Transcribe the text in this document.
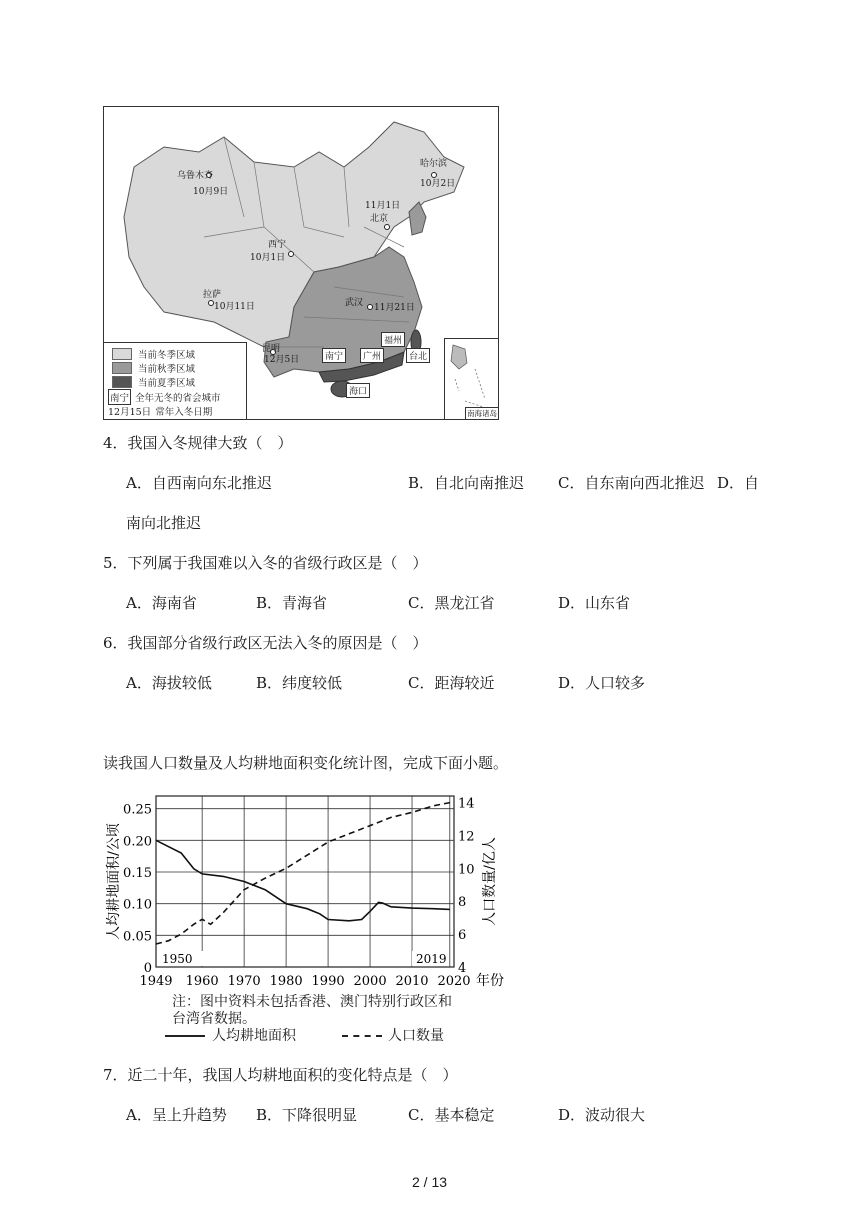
乌鲁木齐
10月9日
哈尔滨
10月2日
11月1日
北京
西宁
10月1日
拉萨
10月11日	武汉 11月21日
昆明
12月5日	南宁	广州
福州
台北
海口
南海诸岛
当前冬季区域
当前秋季区域
当前夏季区域
南宁 全年无冬的省会城市
12月15日 常年入冬日期
4．我国入冬规律大致（　）
A．自西南向东北推迟	B．自北向南推迟 C．自东南向西北推迟 D．自
南向北推迟
5．下列属于我国难以入冬的省级行政区是（　）
A．海南省	B．青海省	C．黑龙江省	D．山东省
6．我国部分省级行政区无法入冬的原因是（　）
A．海拔较低	B．纬度较低	C．距海较近	D．人口较多
读我国人口数量及人均耕地面积变化统计图，完成下面小题。
1949 1960 1970 1980 1990 2000 2010 2020 年份
0
0.05
0.10
0.15
0.20
0.25
4
6
8
10
12
14
人均耕地面积/公顷	人口数量/亿人
1950	2019
注：图中资料未包括香港、澳门特别行政区和
台湾省数据。
人均耕地面积	人口数量
7．近二十年，我国人均耕地面积的变化特点是（　）
A．呈上升趋势 B．下降很明显	C．基本稳定	D．波动很大
2 / 13
